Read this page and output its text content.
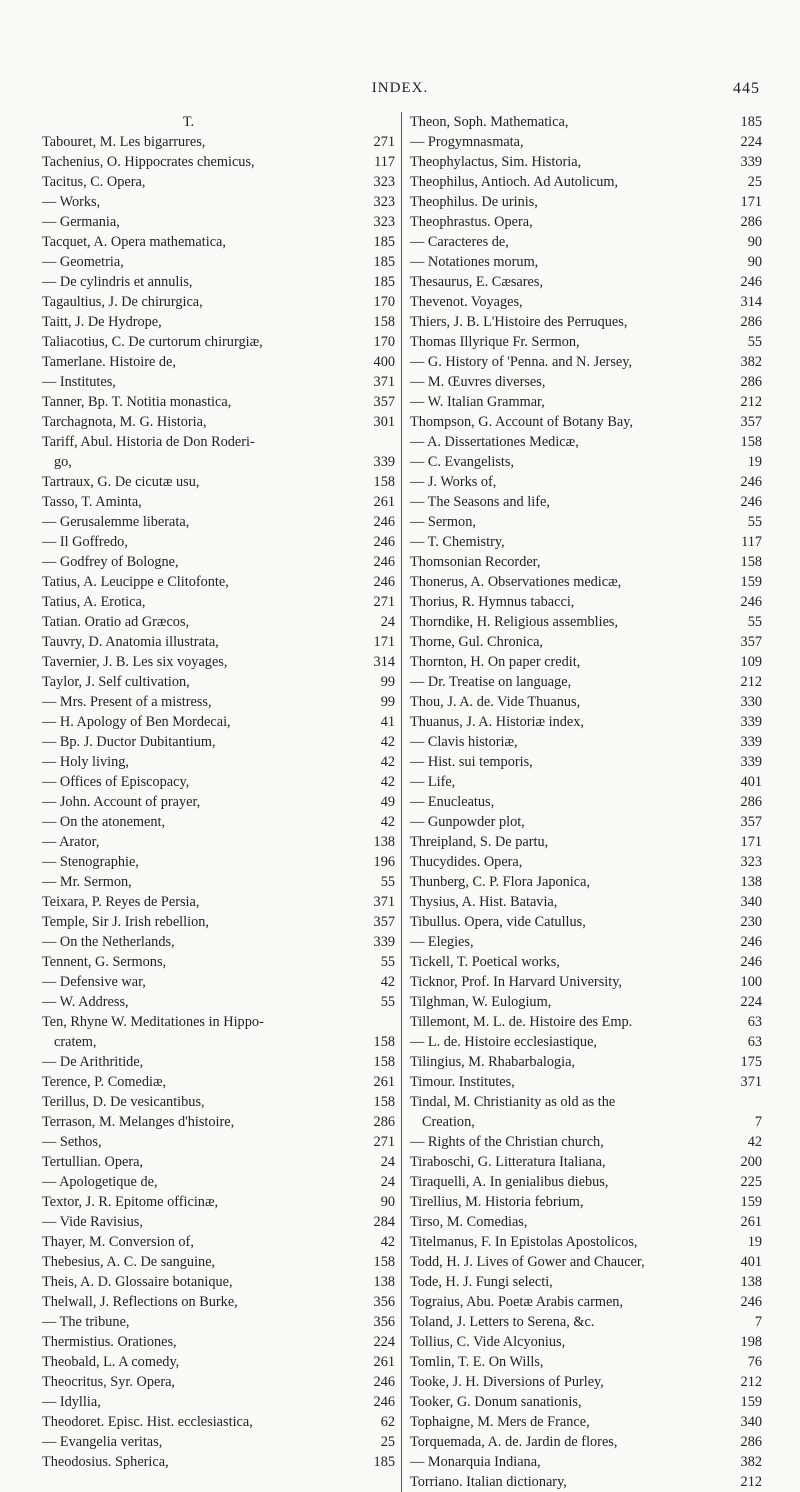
INDEX.	445
T.
Tabouret, M. Les bigarrures,	271
Tachenius, O. Hippocrates chemicus,	117
Tacitus, C. Opera,	323
— Works,	323
— Germania,	323
Tacquet, A. Opera mathematica,	185
— Geometria,	185
— De cylindris et annulis,	185
Tagaultius, J. De chirurgica,	170
Taitt, J. De Hydrope,	158
Taliacotius, C. De curtorum chirurgiæ,	170
Tamerlane. Histoire de,	400
— Institutes,	371
Tanner, Bp. T. Notitia monastica,	357
Tarchagnota, M. G. Historia,	301
Tariff, Abul. Historia de Don Roderi-
go,	339
Tartraux, G. De cicutæ usu,	158
Tasso, T. Aminta,	261
— Gerusalemme liberata,	246
— Il Goffredo,	246
— Godfrey of Bologne,	246
Tatius, A. Leucippe e Clitofonte,	246
Tatius, A. Erotica,	271
Tatian. Oratio ad Græcos,	24
Tauvry, D. Anatomia illustrata,	171
Tavernier, J. B. Les six voyages,	314
Taylor, J. Self cultivation,	99
— Mrs. Present of a mistress,	99
— H. Apology of Ben Mordecai,	41
— Bp. J. Ductor Dubitantium,	42
— Holy living,	42
— Offices of Episcopacy,	42
— John. Account of prayer,	49
— On the atonement,	42
— Arator,	138
— Stenographie,	196
— Mr. Sermon,	55
Teixara, P. Reyes de Persia,	371
Temple, Sir J. Irish rebellion,	357
— On the Netherlands,	339
Tennent, G. Sermons,	55
— Defensive war,	42
— W. Address,	55
Ten, Rhyne W. Meditationes in Hippo-
cratem,	158
— De Arithritide,	158
Terence, P. Comediæ,	261
Terillus, D. De vesicantibus,	158
Terrason, M. Melanges d'histoire,	286
— Sethos,	271
Tertullian. Opera,	24
— Apologetique de,	24
Textor, J. R. Epitome officinæ,	90
— Vide Ravisius,	284
Thayer, M. Conversion of,	42
Thebesius, A. C. De sanguine,	158
Theis, A. D. Glossaire botanique,	138
Thelwall, J. Reflections on Burke,	356
— The tribune,	356
Thermistius. Orationes,	224
Theobald, L. A comedy,	261
Theocritus, Syr. Opera,	246
— Idyllia,	246
Theodoret. Episc. Hist. ecclesiastica,	62
— Evangelia veritas,	25
Theodosius. Spherica,	185
Theon, Soph. Mathematica,	185
— Progymnasmata,	224
Theophylactus, Sim. Historia,	339
Theophilus, Antioch. Ad Autolicum,	25
Theophilus. De urinis,	171
Theophrastus. Opera,	286
— Caracteres de,	90
— Notationes morum,	90
Thesaurus, E. Cæsares,	246
Thevenot. Voyages,	314
Thiers, J. B. L'Histoire des Perruques,	286
Thomas Illyrique Fr. Sermon,	55
— G. History of 'Penna. and N. Jersey,	382
— M. Œuvres diverses,	286
— W. Italian Grammar,	212
Thompson, G. Account of Botany Bay,	357
— A. Dissertationes Medicæ,	158
— C. Evangelists,	19
— J. Works of,	246
— The Seasons and life,	246
— Sermon,	55
— T. Chemistry,	117
Thomsonian Recorder,	158
Thonerus, A. Observationes medicæ,	159
Thorius, R. Hymnus tabacci,	246
Thorndike, H. Religious assemblies,	55
Thorne, Gul. Chronica,	357
Thornton, H. On paper credit,	109
— Dr. Treatise on language,	212
Thou, J. A. de. Vide Thuanus,	330
Thuanus, J. A. Historiæ index,	339
— Clavis historiæ,	339
— Hist. sui temporis,	339
— Life,	401
— Enucleatus,	286
— Gunpowder plot,	357
Threipland, S. De partu,	171
Thucydides. Opera,	323
Thunberg, C. P. Flora Japonica,	138
Thysius, A. Hist. Batavia,	340
Tibullus. Opera, vide Catullus,	230
— Elegies,	246
Tickell, T. Poetical works,	246
Ticknor, Prof. In Harvard University,	100
Tilghman, W. Eulogium,	224
Tillemont, M. L. de. Histoire des Emp.	63
— L. de. Histoire ecclesiastique,	63
Tilingius, M. Rhabarbalogia,	175
Timour. Institutes,	371
Tindal, M. Christianity as old as the
Creation,	7
— Rights of the Christian church,	42
Tiraboschi, G. Litteratura Italiana,	200
Tiraquelli, A. In genialibus diebus,	225
Tirellius, M. Historia febrium,	159
Tirso, M. Comedias,	261
Titelmanus, F. In Epistolas Apostolicos,	19
Todd, H. J. Lives of Gower and Chaucer,	401
Tode, H. J. Fungi selecti,	138
Tograius, Abu. Poetæ Arabis carmen,	246
Toland, J. Letters to Serena, &c.	7
Tollius, C. Vide Alcyonius,	198
Tomlin, T. E. On Wills,	76
Tooke, J. H. Diversions of Purley,	212
Tooker, G. Donum sanationis,	159
Tophaigne, M. Mers de France,	340
Torquemada, A. de. Jardin de flores,	286
— Monarquia Indiana,	382
Torriano. Italian dictionary,	212
